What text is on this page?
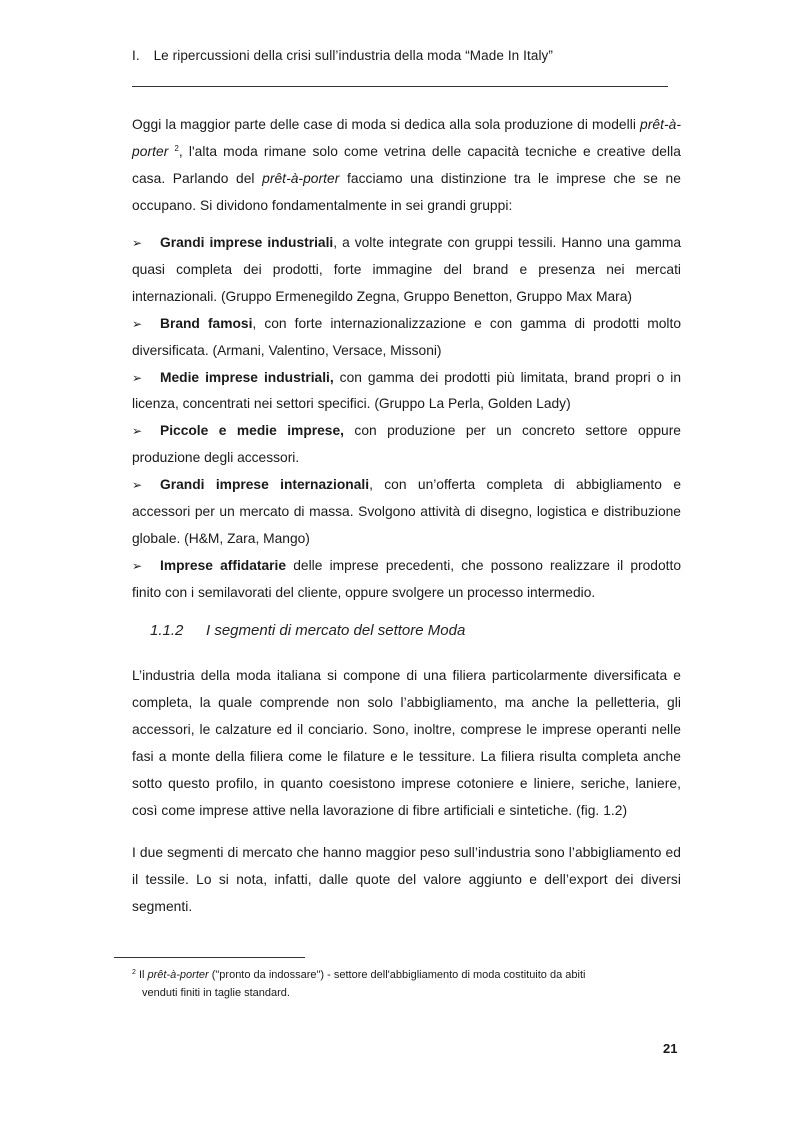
I. Le ripercussioni della crisi sull’industria della moda “Made In Italy”
Oggi la maggior parte delle case di moda si dedica alla sola produzione di modelli prêt-à-porter $^2$, l'alta moda rimane solo come vetrina delle capacità tecniche e creative della casa. Parlando del prêt-à-porter facciamo una distinzione tra le imprese che se ne occupano. Si dividono fondamentalmente in sei grandi gruppi:
➢ Grandi imprese industriali, a volte integrate con gruppi tessili. Hanno una gamma quasi completa dei prodotti, forte immagine del brand e presenza nei mercati internazionali. (Gruppo Ermenegildo Zegna, Gruppo Benetton, Gruppo Max Mara)
➢ Brand famosi, con forte internazionalizzazione e con gamma di prodotti molto diversificata. (Armani, Valentino, Versace, Missoni)
➢ Medie imprese industriali, con gamma dei prodotti più limitata, brand propri o in licenza, concentrati nei settori specifici. (Gruppo La Perla, Golden Lady)
➢ Piccole e medie imprese, con produzione per un concreto settore oppure produzione degli accessori.
➢ Grandi imprese internazionali, con un’offerta completa di abbigliamento e accessori per un mercato di massa. Svolgono attività di disegno, logistica e distribuzione globale. (H&M, Zara, Mango)
➢ Imprese affidatarie delle imprese precedenti, che possono realizzare il prodotto finito con i semilavorati del cliente, oppure svolgere un processo intermedio.
1.1.2 I segmenti di mercato del settore Moda
L’industria della moda italiana si compone di una filiera particolarmente diversificata e completa, la quale comprende non solo l’abbigliamento, ma anche la pelletteria, gli accessori, le calzature ed il conciario. Sono, inoltre, comprese le imprese operanti nelle fasi a monte della filiera come le filature e le tessiture. La filiera risulta completa anche sotto questo profilo, in quanto coesistono imprese cotoniere e liniere, seriche, laniere, così come imprese attive nella lavorazione di fibre artificiali e sintetiche. (fig. 1.2)
I due segmenti di mercato che hanno maggior peso sull’industria sono l’abbigliamento ed il tessile. Lo si nota, infatti, dalle quote del valore aggiunto e dell’export dei diversi segmenti.
$^2$ Il prêt-à-porter ("pronto da indossare") - settore dell'abbigliamento di moda costituito da abiti
venduti finiti in taglie standard.
21
